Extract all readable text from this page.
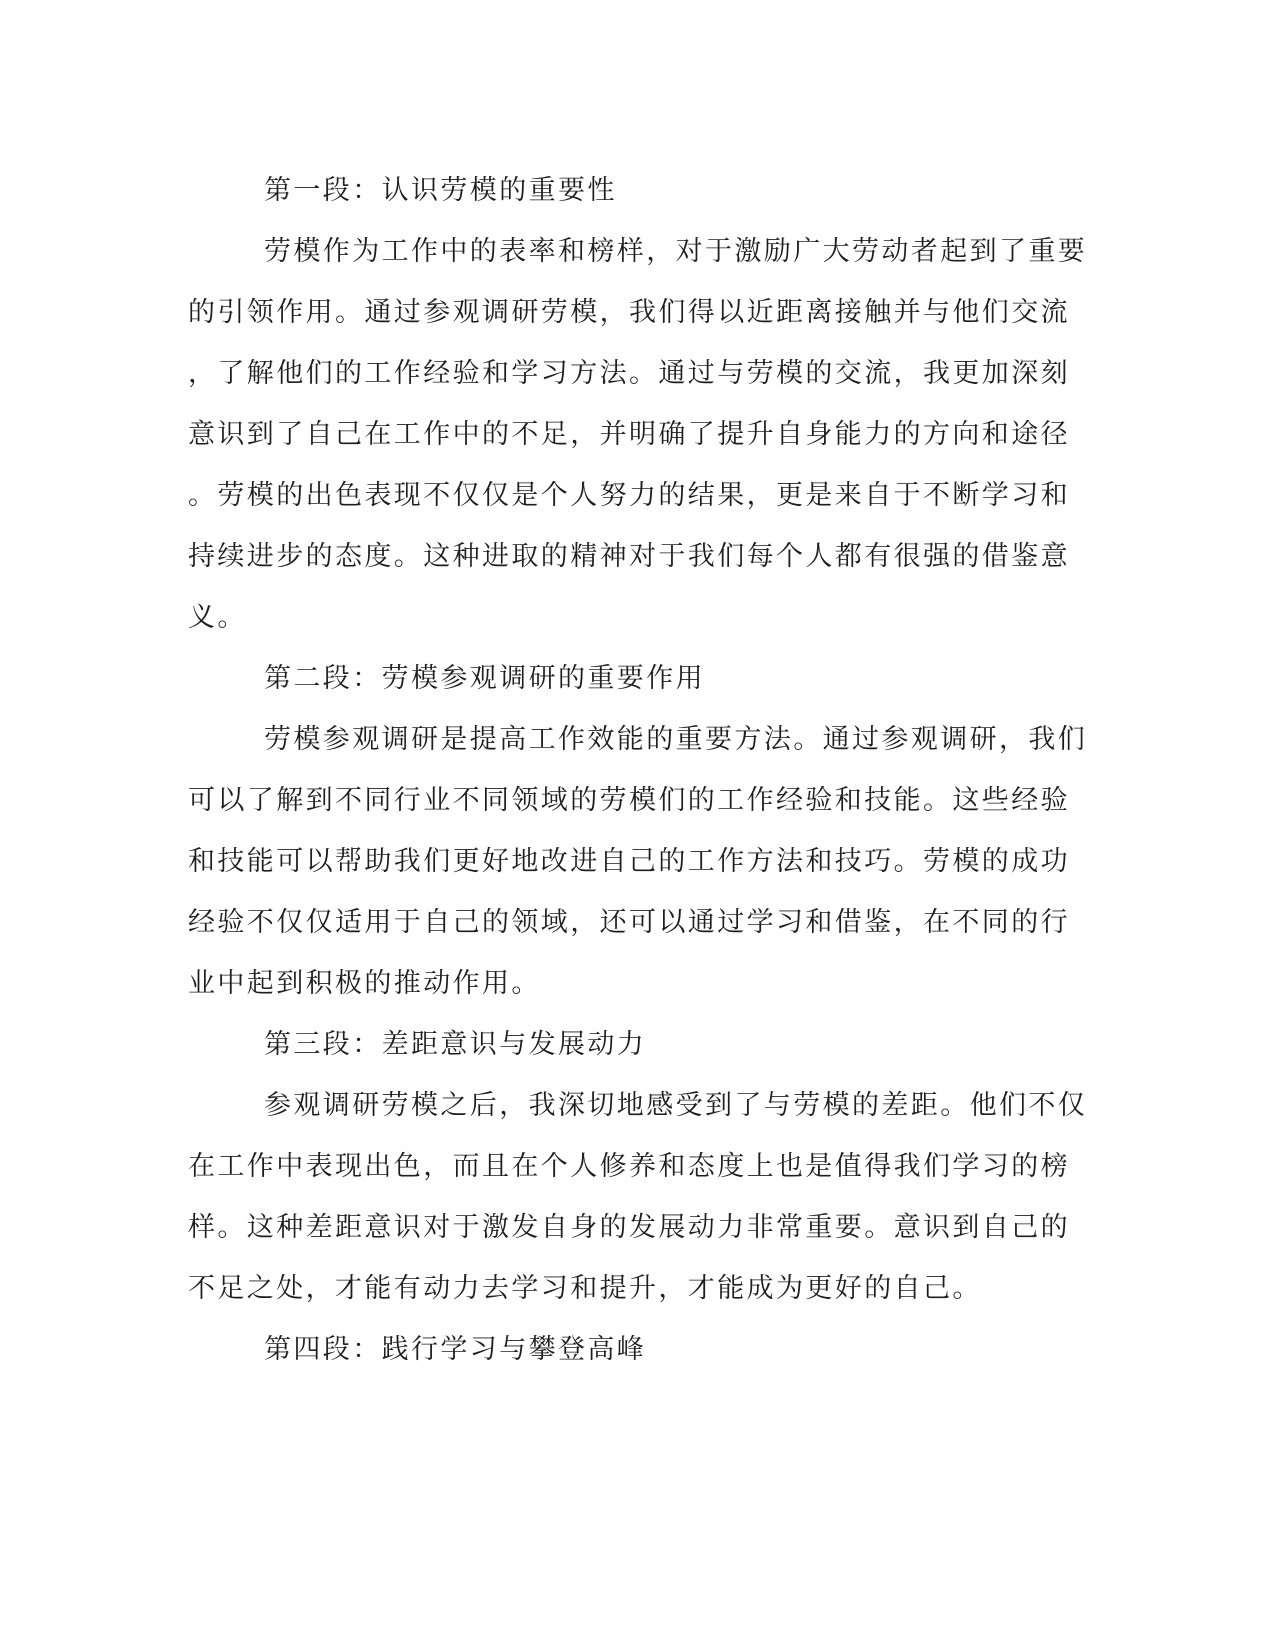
第一段：认识劳模的重要性
劳模作为工作中的表率和榜样，对于激励广大劳动者起到了重要
的引领作用。通过参观调研劳模，我们得以近距离接触并与他们交流
，了解他们的工作经验和学习方法。通过与劳模的交流，我更加深刻
意识到了自己在工作中的不足，并明确了提升自身能力的方向和途径
。劳模的出色表现不仅仅是个人努力的结果，更是来自于不断学习和
持续进步的态度。这种进取的精神对于我们每个人都有很强的借鉴意
义。
第二段：劳模参观调研的重要作用
劳模参观调研是提高工作效能的重要方法。通过参观调研，我们
可以了解到不同行业不同领域的劳模们的工作经验和技能。这些经验
和技能可以帮助我们更好地改进自己的工作方法和技巧。劳模的成功
经验不仅仅适用于自己的领域，还可以通过学习和借鉴，在不同的行
业中起到积极的推动作用。
第三段：差距意识与发展动力
参观调研劳模之后，我深切地感受到了与劳模的差距。他们不仅
在工作中表现出色，而且在个人修养和态度上也是值得我们学习的榜
样。这种差距意识对于激发自身的发展动力非常重要。意识到自己的
不足之处，才能有动力去学习和提升，才能成为更好的自己。
第四段：践行学习与攀登高峰
